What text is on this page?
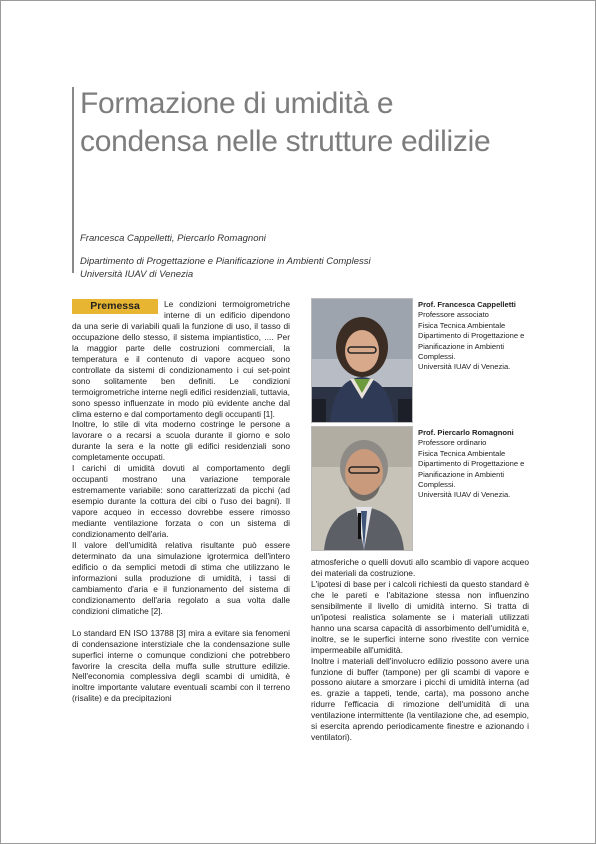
Formazione di umidità e condensa nelle strutture edilizie
Francesca Cappelletti, Piercarlo Romagnoni
Dipartimento di Progettazione e Pianificazione in Ambienti Complessi
Università IUAV di Venezia
Premessa	Le condizioni termoigrometriche interne di un edificio dipendono da una serie di variabili quali la funzione di uso, il tasso di occupazione dello stesso, il sistema impiantistico, .... Per la maggior parte delle costruzioni commerciali, la temperatura e il contenuto di vapore acqueo sono controllate da sistemi di condizionamento i cui set-point sono solitamente ben definiti. Le condizioni termoigrometriche interne negli edifici residenziali, tuttavia, sono spesso influenzate in modo più evidente anche dal clima esterno e dal comportamento degli occupanti [1].

Inoltre, lo stile di vita moderno costringe le persone a lavorare o a recarsi a scuola durante il giorno e solo durante la sera e la notte gli edifici residenziali sono completamente occupati.

I carichi di umidità dovuti al comportamento degli occupanti mostrano una variazione temporale estremamente variabile: sono caratterizzati da picchi (ad esempio durante la cottura dei cibi o l'uso dei bagni). Il vapore acqueo in eccesso dovrebbe essere rimosso mediante ventilazione forzata o con un sistema di condizionamento dell'aria.

Il valore dell'umidità relativa risultante può essere determinato da una simulazione igrotermica dell'intero edificio o da semplici metodi di stima che utilizzano le informazioni sulla produzione di umidità, i tassi di cambiamento d'aria e il funzionamento del sistema di condizionamento dell'aria regolato a sua volta dalle condizioni climatiche [2].

Lo standard EN ISO 13788 [3] mira a evitare sia fenomeni di condensazione interstiziale che la condensazione sulle superfici interne o comunque condizioni che potrebbero favorire la crescita della muffa sulle strutture edilizie. Nell'economia complessiva degli scambi di umidità, è inoltre importante valutare eventuali scambi con il terreno (risalite) e da precipitazioni

Prof. Francesca Cappelletti
Professore associato
Fisica Tecnica Ambientale
Dipartimento di Progettazione e Pianificazione in Ambienti Complessi.
Università IUAV di Venezia.
Prof. Piercarlo Romagnoni
Professore ordinario
Fisica Tecnica Ambientale
Dipartimento di Progettazione e Pianificazione in Ambienti Complessi.
Università IUAV di Venezia.

atmosferiche o quelli dovuti allo scambio di vapore acqueo dei materiali da costruzione.

L'ipotesi di base per i calcoli richiesti da questo standard è che le pareti e l'abitazione stessa non influenzino sensibilmente il livello di umidità interno. Si tratta di un'ipotesi realistica solamente se i materiali utilizzati hanno una scarsa capacità di assorbimento dell'umidità e, inoltre, se le superfici interne sono rivestite con vernice impermeabile all'umidità.

Inoltre i materiali dell'involucro edilizio possono avere una funzione di buffer (tampone) per gli scambi di vapore e possono aiutare a smorzare i picchi di umidità interna (ad es. grazie a tappeti, tende, carta), ma possono anche ridurre l'efficacia di rimozione dell'umidità di una ventilazione intermittente (la ventilazione che, ad esempio, si esercita aprendo periodicamente finestre e azionando i ventilatori).
